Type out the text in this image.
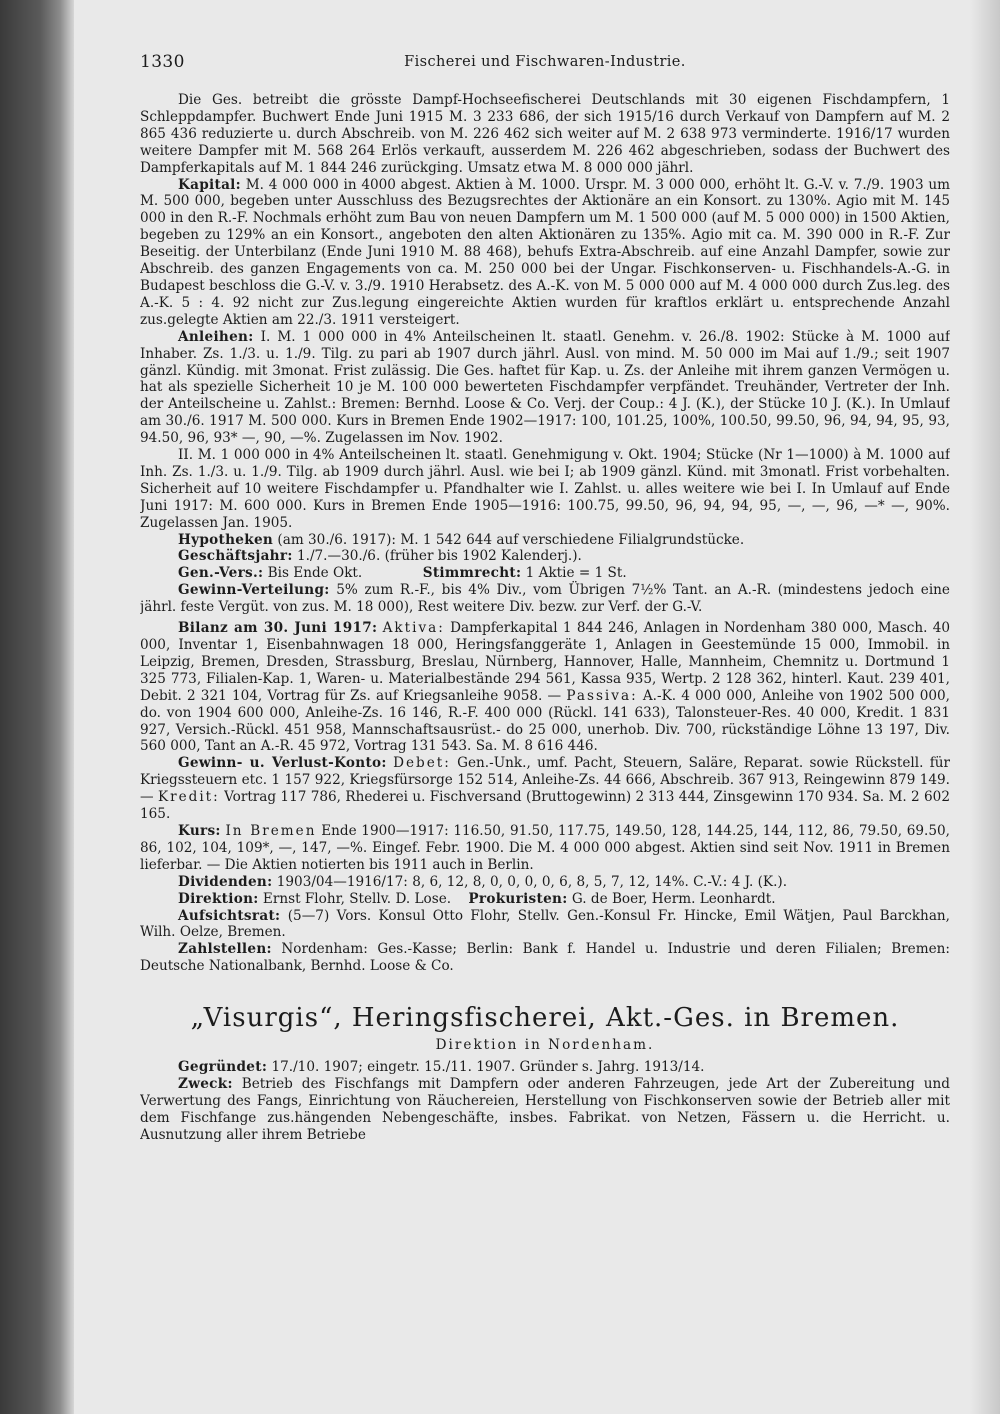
1330	Fischerei und Fischwaren-Industrie.

Die Ges. betreibt die grösste Dampf-Hochseefischerei Deutschlands mit 30 eigenen Fischdampfern, 1 Schleppdampfer. Buchwert Ende Juni 1915 M. 3 233 686, der sich 1915/16 durch Verkauf von Dampfern auf M. 2 865 436 reduzierte u. durch Abschreib. von M. 226 462 sich weiter auf M. 2 638 973 verminderte. 1916/17 wurden weitere Dampfer mit M. 568 264 Erlös verkauft, ausserdem M. 226 462 abgeschrieben, sodass der Buchwert des Dampferkapitals auf M. 1 844 246 zurückging. Umsatz etwa M. 8 000 000 jährl.

Kapital: M. 4 000 000 in 4000 abgest. Aktien à M. 1000. Urspr. M. 3 000 000, erhöht lt. G.-V. v. 7./9. 1903 um M. 500 000, begeben unter Ausschluss des Bezugsrechtes der Aktionäre an ein Konsort. zu 130%. Agio mit M. 145 000 in den R.-F. Nochmals erhöht zum Bau von neuen Dampfern um M. 1 500 000 (auf M. 5 000 000) in 1500 Aktien, begeben zu 129% an ein Konsort., angeboten den alten Aktionären zu 135%. Agio mit ca. M. 390 000 in R.-F. Zur Beseitig. der Unterbilanz (Ende Juni 1910 M. 88 468), behufs Extra-Abschreib. auf eine Anzahl Dampfer, sowie zur Abschreib. des ganzen Engagements von ca. M. 250 000 bei der Ungar. Fischkonserven- u. Fischhandels-A.-G. in Budapest beschloss die G.-V. v. 3./9. 1910 Herabsetz. des A.-K. von M. 5 000 000 auf M. 4 000 000 durch Zus.leg. des A.-K. 5 : 4. 92 nicht zur Zus.legung eingereichte Aktien wurden für kraftlos erklärt u. entsprechende Anzahl zus.gelegte Aktien am 22./3. 1911 versteigert.

Anleihen: I. M. 1 000 000 in 4% Anteilscheinen lt. staatl. Genehm. v. 26./8. 1902: Stücke à M. 1000 auf Inhaber. Zs. 1./3. u. 1./9. Tilg. zu pari ab 1907 durch jährl. Ausl. von mind. M. 50 000 im Mai auf 1./9.; seit 1907 gänzl. Kündig. mit 3monat. Frist zulässig. Die Ges. haftet für Kap. u. Zs. der Anleihe mit ihrem ganzen Vermögen u. hat als spezielle Sicherheit 10 je M. 100 000 bewerteten Fischdampfer verpfändet. Treuhänder, Vertreter der Inh. der Anteilscheine u. Zahlst.: Bremen: Bernhd. Loose & Co. Verj. der Coup.: 4 J. (K.), der Stücke 10 J. (K.). In Umlauf am 30./6. 1917 M. 500 000. Kurs in Bremen Ende 1902—1917: 100, 101.25, 100%, 100.50, 99.50, 96, 94, 94, 95, 93, 94.50, 96, 93* —, 90, —%. Zugelassen im Nov. 1902.

II. M. 1 000 000 in 4% Anteilscheinen lt. staatl. Genehmigung v. Okt. 1904; Stücke (Nr 1—1000) à M. 1000 auf Inh. Zs. 1./3. u. 1./9. Tilg. ab 1909 durch jährl. Ausl. wie bei I; ab 1909 gänzl. Künd. mit 3monatl. Frist vorbehalten. Sicherheit auf 10 weitere Fischdampfer u. Pfandhalter wie I. Zahlst. u. alles weitere wie bei I. In Umlauf auf Ende Juni 1917: M. 600 000. Kurs in Bremen Ende 1905—1916: 100.75, 99.50, 96, 94, 94, 95, —, —, 96, —* —, 90%. Zugelassen Jan. 1905.

Hypotheken (am 30./6. 1917): M. 1 542 644 auf verschiedene Filialgrundstücke.

Geschäftsjahr: 1./7.—30./6. (früher bis 1902 Kalenderj.).

Gen.-Vers.: Bis Ende Okt.	Stimmrecht: 1 Aktie = 1 St.

Gewinn-Verteilung: 5% zum R.-F., bis 4% Div., vom Übrigen 7½% Tant. an A.-R. (mindestens jedoch eine jährl. feste Vergüt. von zus. M. 18 000), Rest weitere Div. bezw. zur Verf. der G.-V.

Bilanz am 30. Juni 1917: Aktiva: Dampferkapital 1 844 246, Anlagen in Nordenham 380 000, Masch. 40 000, Inventar 1, Eisenbahnwagen 18 000, Heringsfanggeräte 1, Anlagen in Geestemünde 15 000, Immobil. in Leipzig, Bremen, Dresden, Strassburg, Breslau, Nürnberg, Hannover, Halle, Mannheim, Chemnitz u. Dortmund 1 325 773, Filialen-Kap. 1, Waren- u. Materialbestände 294 561, Kassa 935, Wertp. 2 128 362, hinterl. Kaut. 239 401, Debit. 2 321 104, Vortrag für Zs. auf Kriegsanleihe 9058. — Passiva: A.-K. 4 000 000, Anleihe von 1902 500 000, do. von 1904 600 000, Anleihe-Zs. 16 146, R.-F. 400 000 (Rückl. 141 633), Talonsteuer-Res. 40 000, Kredit. 1 831 927, Versich.-Rückl. 451 958, Mannschaftsausrüst.- do 25 000, unerhob. Div. 700, rückständige Löhne 13 197, Div. 560 000, Tant an A.-R. 45 972, Vortrag 131 543. Sa. M. 8 616 446.

Gewinn- u. Verlust-Konto: Debet: Gen.-Unk., umf. Pacht, Steuern, Saläre, Reparat. sowie Rückstell. für Kriegssteuern etc. 1 157 922, Kriegsfürsorge 152 514, Anleihe-Zs. 44 666, Abschreib. 367 913, Reingewinn 879 149. — Kredit: Vortrag 117 786, Rhederei u. Fischversand (Bruttogewinn) 2 313 444, Zinsgewinn 170 934. Sa. M. 2 602 165.

Kurs: In Bremen Ende 1900—1917: 116.50, 91.50, 117.75, 149.50, 128, 144.25, 144, 112, 86, 79.50, 69.50, 86, 102, 104, 109*, —, 147, —%. Eingef. Febr. 1900. Die M. 4 000 000 abgest. Aktien sind seit Nov. 1911 in Bremen lieferbar. — Die Aktien notierten bis 1911 auch in Berlin.

Dividenden: 1903/04—1916/17: 8, 6, 12, 8, 0, 0, 0, 0, 6, 8, 5, 7, 12, 14%. C.-V.: 4 J. (K.).

Direktion: Ernst Flohr, Stellv. D. Lose. Prokuristen: G. de Boer, Herm. Leonhardt.

Aufsichtsrat: (5—7) Vors. Konsul Otto Flohr, Stellv. Gen.-Konsul Fr. Hincke, Emil Wätjen, Paul Barckhan, Wilh. Oelze, Bremen.

Zahlstellen: Nordenham: Ges.-Kasse; Berlin: Bank f. Handel u. Industrie und deren Filialen; Bremen: Deutsche Nationalbank, Bernhd. Loose & Co.

„Visurgis“, Heringsfischerei, Akt.-Ges. in Bremen.
Direktion in Nordenham.

Gegründet: 17./10. 1907; eingetr. 15./11. 1907. Gründer s. Jahrg. 1913/14.

Zweck: Betrieb des Fischfangs mit Dampfern oder anderen Fahrzeugen, jede Art der Zubereitung und Verwertung des Fangs, Einrichtung von Räuchereien, Herstellung von Fischkonserven sowie der Betrieb aller mit dem Fischfange zus.hängenden Nebengeschäfte, insbes. Fabrikat. von Netzen, Fässern u. die Herricht. u. Ausnutzung aller ihrem Betriebe
